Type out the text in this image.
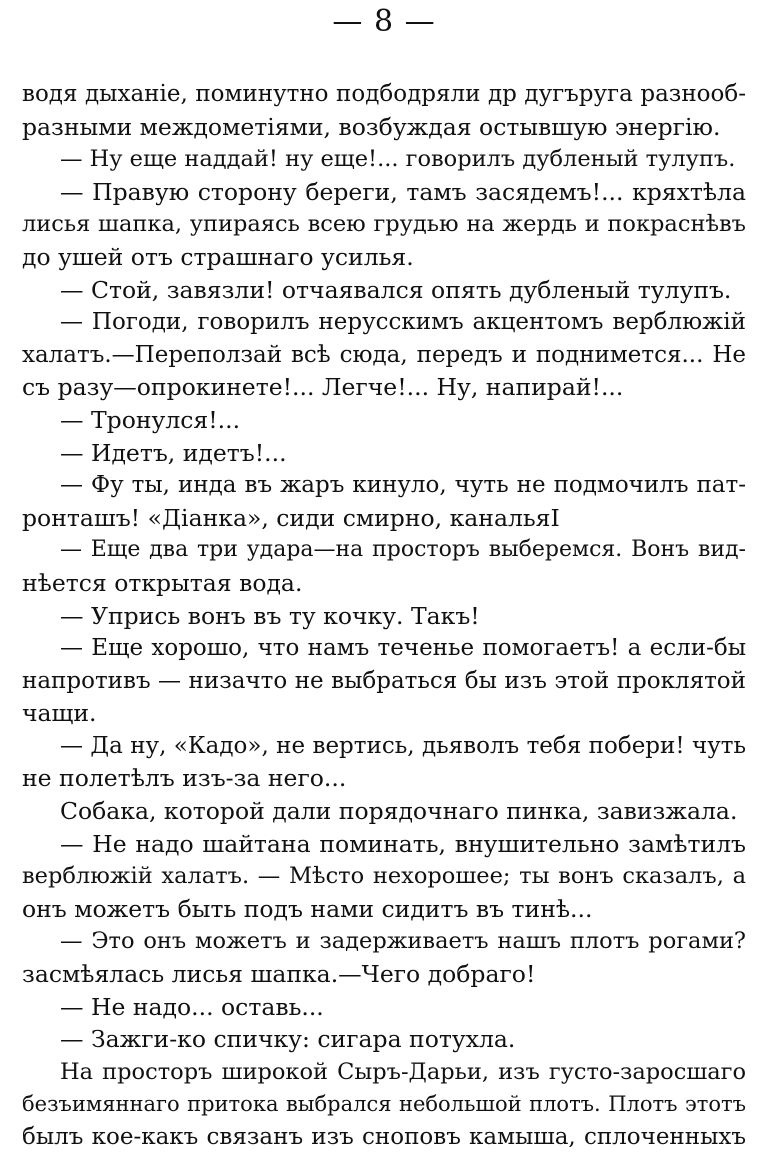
— 8 —
водя дыханіе, поминутно подбодряли др дугъруга разнооб-
разными междометіями, возбуждая остывшую энергію.
— Ну еще наддай! ну еще!... говорилъ дубленый тулупъ.
— Правую сторону береги, тамъ засядемъ!... кряхтѣла
лисья шапка, упираясь всею грудью на жердь и покраснѣвъ
до ушей отъ страшнаго усилья.
— Стой, завязли! отчаявался опять дубленый тулупъ.
— Погоди, говорилъ нерусскимъ акцентомъ верблюжій
халатъ.—Переползай всѣ сюда, передъ и поднимется... Не
съ разу—опрокинете!... Легче!... Ну, напирай!...
— Тронулся!...
— Идетъ, идетъ!...
— Фу ты, инда въ жаръ кинуло, чуть не подмочилъ пат-
ронташъ! «Діанка», сиди смирно, канальяI
— Еще два три удара—на просторъ выберемся. Вонъ вид-
нѣется открытая вода.
— Упрись вонъ въ ту кочку. Такъ!
— Еще хорошо, что намъ теченье помогаетъ! а если-бы
напротивъ — низачто не выбраться бы изъ этой проклятой
чащи.
— Да ну, «Кадо», не вертись, дьяволъ тебя побери! чуть
не полетѣлъ изъ-за него...
Собака, которой дали порядочнаго пинка, завизжала.
— Не надо шайтана поминать, внушительно замѣтилъ
верблюжій халатъ. — Мѣсто нехорошее; ты вонъ сказалъ, а
онъ можетъ быть подъ нами сидитъ въ тинѣ...
— Это онъ можетъ и задерживаетъ нашъ плотъ рогами?
засмѣялась лисья шапка.—Чего добраго!
— Не надо... оставь...
— Зажги-ко спичку: сигара потухла.
На просторъ широкой Сыръ-Дарьи, изъ густо-заросшаго
безъимяннаго притока выбрался небольшой плотъ. Плотъ этотъ
былъ кое-какъ связанъ изъ сноповъ камыша, сплоченныхъ
